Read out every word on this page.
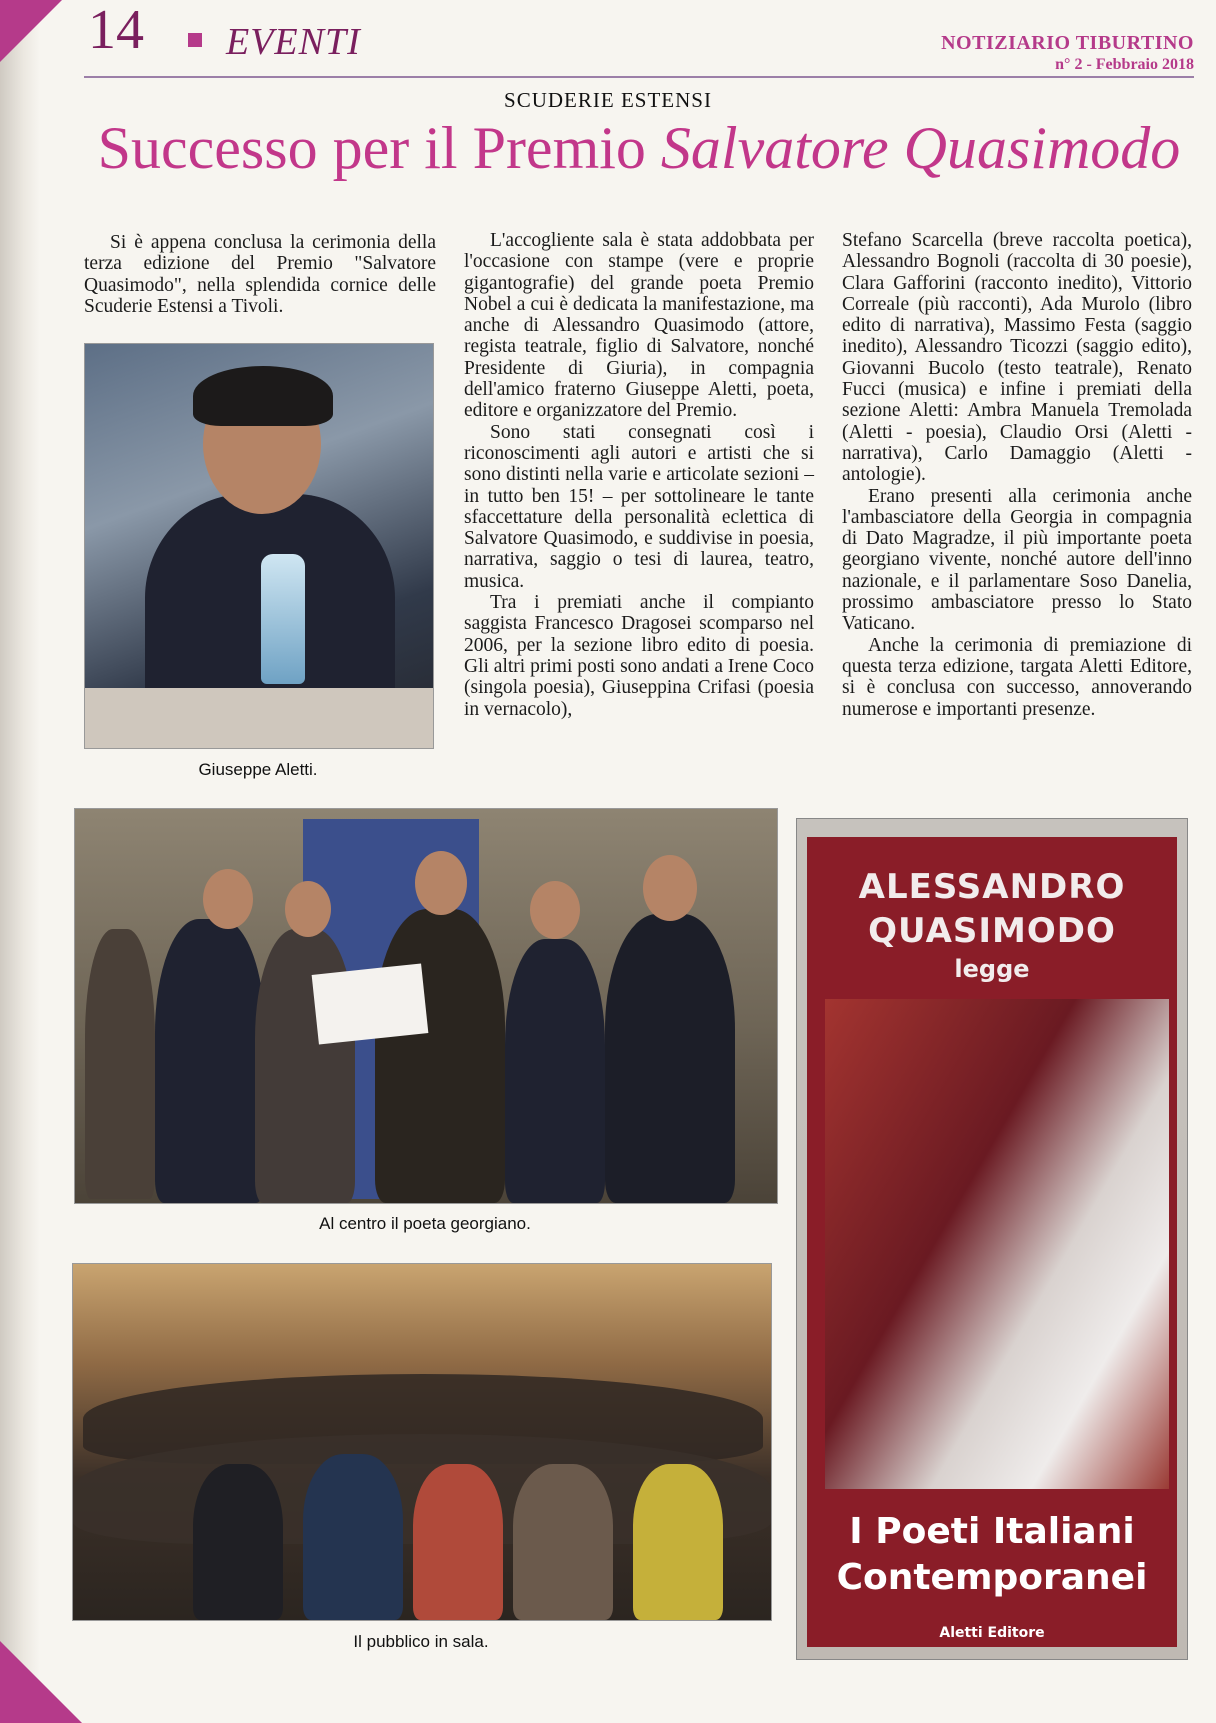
14 EVENTI	NOTIZIARIO TIBURTINO
n° 2 - Febbraio 2018
SCUDERIE ESTENSI
Successo per il Premio Salvatore Quasimodo

Si è appena conclusa la cerimonia della terza edizione del Premio "Salvatore Quasimodo", nella splendida cornice delle Scuderie Estensi a Tivoli.

L'accogliente sala è stata addobbata per l'occasione con stampe (vere e proprie gigantografie) del grande poeta Premio Nobel a cui è dedicata la manifestazione, ma anche di Alessandro Quasimodo (attore, regista teatrale, figlio di Salvatore, nonché Presidente di Giuria), in compagnia dell'amico fraterno Giuseppe Aletti, poeta, editore e organizzatore del Premio.

Sono stati consegnati così i riconoscimenti agli autori e artisti che si sono distinti nella varie e articolate sezioni – in tutto ben 15! – per sottolineare le tante sfaccettature della personalità eclettica di Salvatore Quasimodo, e suddivise in poesia, narrativa, saggio o tesi di laurea, teatro, musica.

Tra i premiati anche il compianto saggista Francesco Dragosei scomparso nel 2006, per la sezione libro edito di poesia. Gli altri primi posti sono andati a Irene Coco (singola poesia), Giuseppina Crifasi (poesia in vernacolo),

Stefano Scarcella (breve raccolta poetica), Alessandro Bognoli (raccolta di 30 poesie), Clara Gafforini (racconto inedito), Vittorio Correale (più racconti), Ada Murolo (libro edito di narrativa), Massimo Festa (saggio inedito), Alessandro Ticozzi (saggio edito), Giovanni Bucolo (testo teatrale), Renato Fucci (musica) e infine i premiati della sezione Aletti: Ambra Manuela Tremolada (Aletti - poesia), Claudio Orsi (Aletti - narrativa), Carlo Damaggio (Aletti - antologie).

Erano presenti alla cerimonia anche l'ambasciatore della Georgia in compagnia di Dato Magradze, il più importante poeta georgiano vivente, nonché autore dell'inno nazionale, e il parlamentare Soso Danelia, prossimo ambasciatore presso lo Stato Vaticano.

Anche la cerimonia di premiazione di questa terza edizione, targata Aletti Editore, si è conclusa con successo, annoverando numerose e importanti presenze.

Giuseppe Aletti.
Al centro il poeta georgiano.
Il pubblico in sala.
ALESSANDRO
QUASIMODO
legge
I Poeti Italiani
Contemporanei
Aletti Editore
